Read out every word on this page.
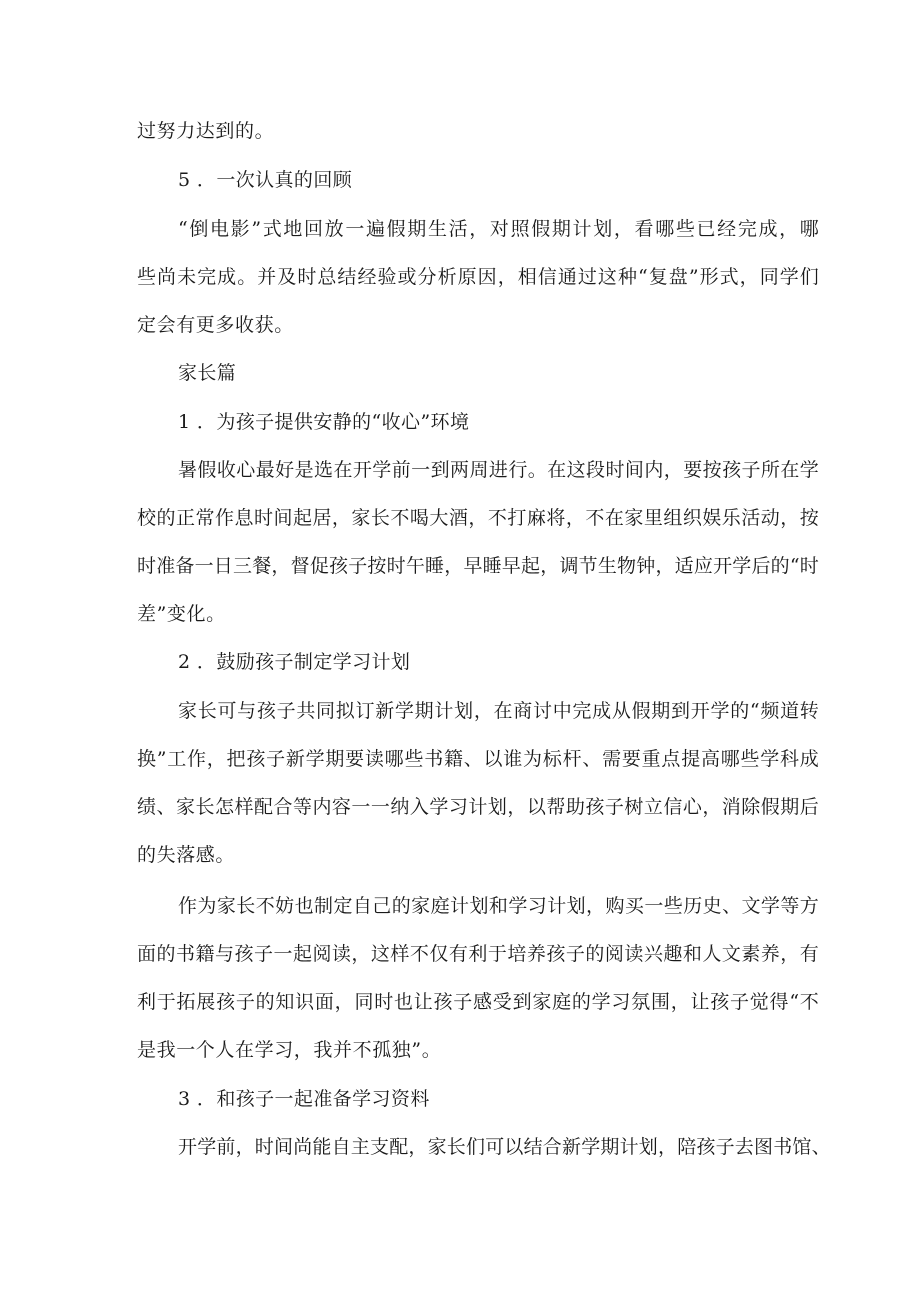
过努力达到的。
5 ．一次认真的回顾
“倒电影”式地回放一遍假期生活，对照假期计划，看哪些已经完成，哪
些尚未完成。并及时总结经验或分析原因，相信通过这种“复盘”形式，同学们
定会有更多收获。
家长篇
1 ．为孩子提供安静的“收心”环境
暑假收心最好是选在开学前一到两周进行。在这段时间内，要按孩子所在学
校的正常作息时间起居，家长不喝大酒，不打麻将，不在家里组织娱乐活动，按
时准备一日三餐，督促孩子按时午睡，早睡早起，调节生物钟，适应开学后的“时
差”变化。
2 ．鼓励孩子制定学习计划
家长可与孩子共同拟订新学期计划，在商讨中完成从假期到开学的“频道转
换”工作，把孩子新学期要读哪些书籍、以谁为标杆、需要重点提高哪些学科成
绩、家长怎样配合等内容一一纳入学习计划，以帮助孩子树立信心，消除假期后
的失落感。
作为家长不妨也制定自己的家庭计划和学习计划，购买一些历史、文学等方
面的书籍与孩子一起阅读，这样不仅有利于培养孩子的阅读兴趣和人文素养，有
利于拓展孩子的知识面，同时也让孩子感受到家庭的学习氛围，让孩子觉得“不
是我一个人在学习，我并不孤独”。
3 ．和孩子一起准备学习资料
开学前，时间尚能自主支配，家长们可以结合新学期计划，陪孩子去图书馆、
